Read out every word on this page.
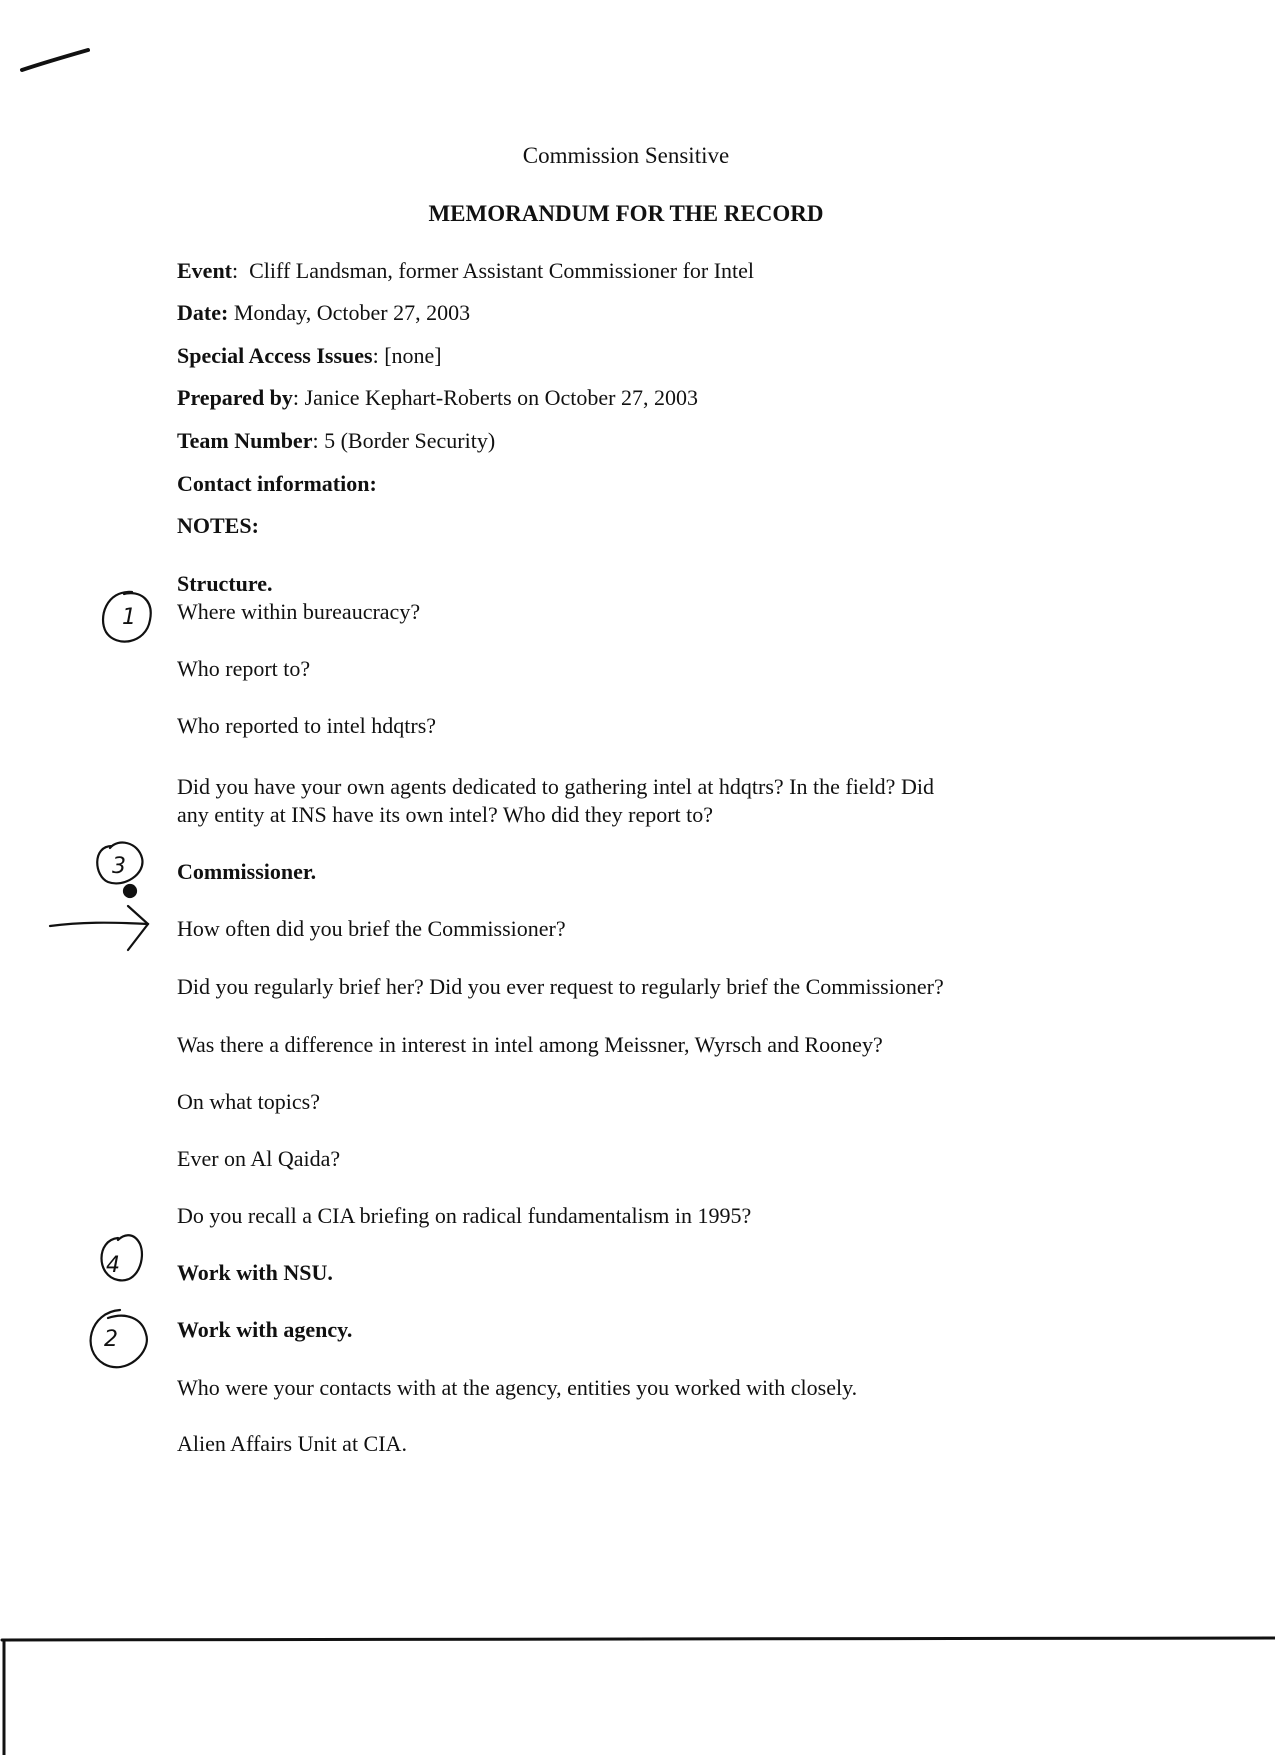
Commission Sensitive
MEMORANDUM FOR THE RECORD
Event: Cliff Landsman, former Assistant Commissioner for Intel
Date: Monday, October 27, 2003
Special Access Issues: [none]
Prepared by: Janice Kephart-Roberts on October 27, 2003
Team Number: 5 (Border Security)
Contact information:
NOTES:
Structure.
Where within bureaucracy?
Who report to?
Who reported to intel hdqtrs?
Did you have your own agents dedicated to gathering intel at hdqtrs? In the field? Did
any entity at INS have its own intel? Who did they report to?
Commissioner.
How often did you brief the Commissioner?
Did you regularly brief her? Did you ever request to regularly brief the Commissioner?
Was there a difference in interest in intel among Meissner, Wyrsch and Rooney?
On what topics?
Ever on Al Qaida?
Do you recall a CIA briefing on radical fundamentalism in 1995?
Work with NSU.
Work with agency.
Who were your contacts with at the agency, entities you worked with closely.
Alien Affairs Unit at CIA.
1
3
4
2
